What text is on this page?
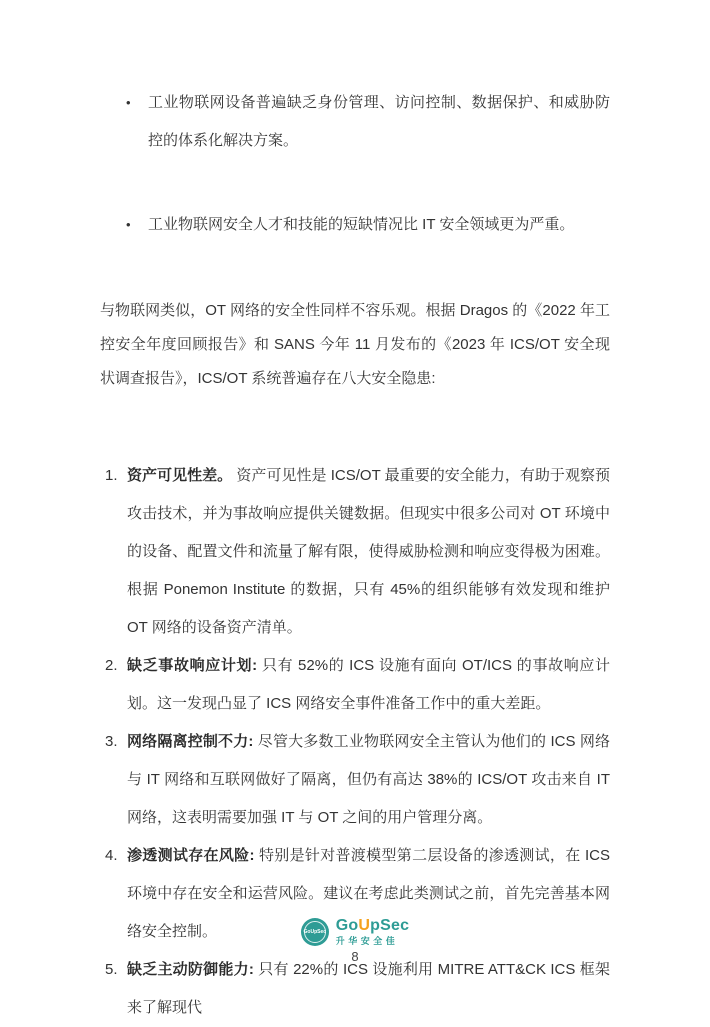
•	工业物联网设备普遍缺乏身份管理、访问控制、数据保护、和威胁防控的体系化解决方案。
•	工业物联网安全人才和技能的短缺情况比 IT 安全领域更为严重。

与物联网类似，OT 网络的安全性同样不容乐观。根据 Dragos 的《2022 年工控安全年度回顾报告》和 SANS 今年 11 月发布的《2023 年 ICS/OT 安全现状调查报告》，ICS/OT 系统普遍存在八大安全隐患:

1. 资产可见性差。 资产可见性是 ICS/OT 最重要的安全能力，有助于观察预攻击技术，并为事故响应提供关键数据。但现实中很多公司对 OT 环境中的设备、配置文件和流量了解有限，使得威胁检测和响应变得极为困难。根据 Ponemon Institute 的数据，只有 45%的组织能够有效发现和维护 OT 网络的设备资产清单。
2. 缺乏事故响应计划: 只有 52%的 ICS 设施有面向 OT/ICS 的事故响应计划。这一发现凸显了 ICS 网络安全事件准备工作中的重大差距。
3. 网络隔离控制不力: 尽管大多数工业物联网安全主管认为他们的 ICS 网络与 IT 网络和互联网做好了隔离，但仍有高达 38%的 ICS/OT 攻击来自 IT 网络，这表明需要加强 IT 与 OT 之间的用户管理分离。
4. 渗透测试存在风险: 特别是针对普渡模型第二层设备的渗透测试，在 ICS 环境中存在安全和运营风险。建议在考虑此类测试之前，首先完善基本网络安全控制。
5. 缺乏主动防御能力: 只有 22%的 ICS 设施利用 MITRE ATT&CK ICS 框架来了解现代
GoUpSec GoUpSec
升华安全佳
8
